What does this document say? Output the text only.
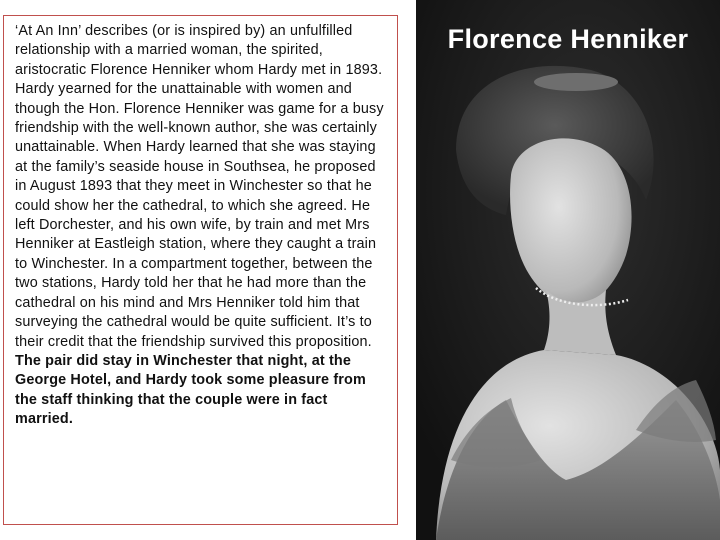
‘At An Inn’ describes (or is inspired by) an unfulfilled relationship with a married woman, the spirited, aristocratic Florence Henniker whom Hardy met in 1893. Hardy yearned for the unattainable with women and though the Hon. Florence Henniker was game for a busy friendship with the well-known author, she was certainly unattainable. When Hardy learned that she was staying at the family’s seaside house in Southsea, he proposed in August 1893 that they meet in Winchester so that he could show her the cathedral, to which she agreed. He left Dorchester, and his own wife, by train and met Mrs Henniker at Eastleigh station, where they caught a train to Winchester. In a compartment together, between the two stations, Hardy told her that he had more than the cathedral on his mind and Mrs Henniker told him that surveying the cathedral would be quite sufficient. It’s to their credit that the friendship survived this proposition. The pair did stay in Winchester that night, at the George Hotel, and Hardy took some pleasure from the staff thinking that the couple were in fact married.
Florence Henniker
